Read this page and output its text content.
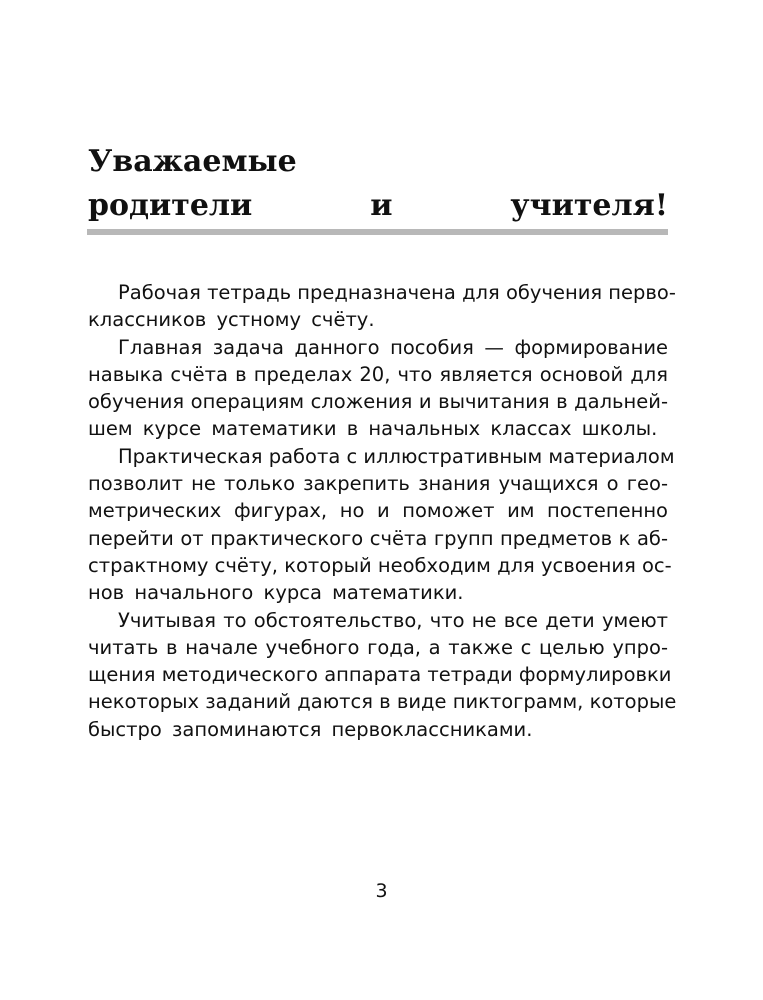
Уважаемые
родители и учителя!
Рабочая тетрадь предназначена для обучения перво-
классников устному счёту.
Главная задача данного пособия — формирование
навыка счёта в пределах 20, что является основой для
обучения операциям сложения и вычитания в дальней-
шем курсе математики в начальных классах школы.
Практическая работа с иллюстративным материалом
позволит не только закрепить знания учащихся о гео-
метрических фигурах, но и поможет им постепенно
перейти от практического счёта групп предметов к аб-
страктному счёту, который необходим для усвоения ос-
нов начального курса математики.
Учитывая то обстоятельство, что не все дети умеют
читать в начале учебного года, а также с целью упро-
щения методического аппарата тетради формулировки
некоторых заданий даются в виде пиктограмм, которые
быстро запоминаются первоклассниками.
3
